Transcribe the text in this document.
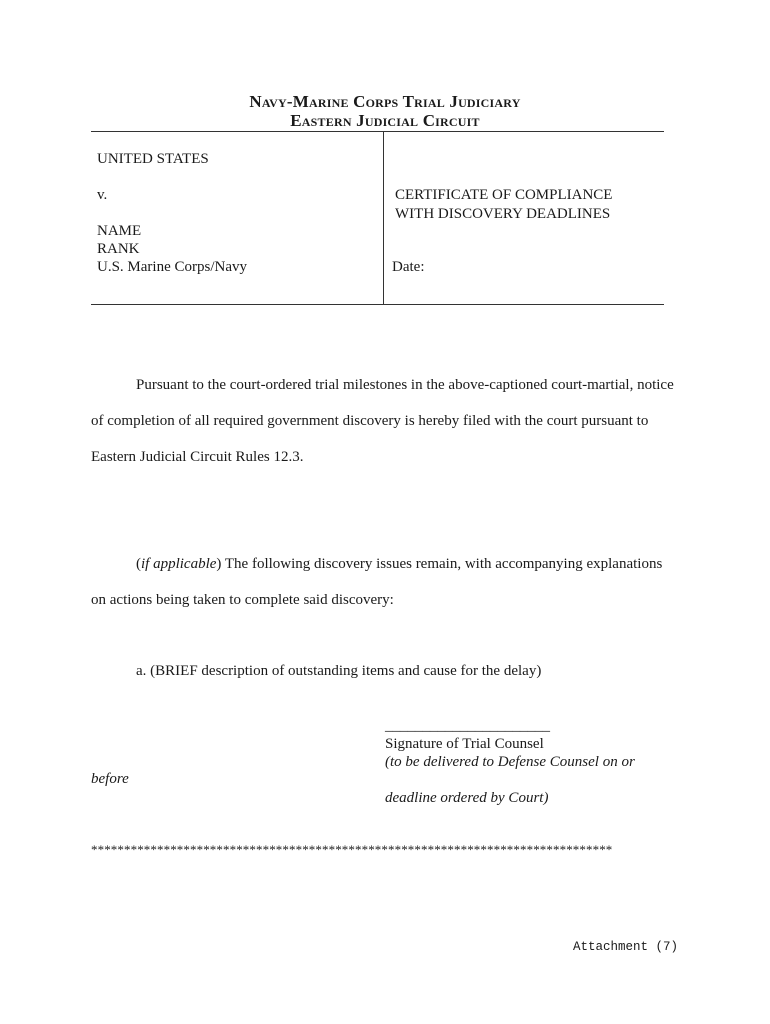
Navy-Marine Corps Trial Judiciary
Eastern Judicial Circuit
UNITED STATES
v.
NAME
RANK
U.S. Marine Corps/Navy
CERTIFICATE OF COMPLIANCE
WITH DISCOVERY DEADLINES
Date:
Pursuant to the court-ordered trial milestones in the above-captioned court-martial, notice
of completion of all required government discovery is hereby filed with the court pursuant to
Eastern Judicial Circuit Rules 12.3.
(if applicable) The following discovery issues remain, with accompanying explanations
on actions being taken to complete said discovery:
a. (BRIEF description of outstanding items and cause for the delay)
______________________
Signature of Trial Counsel
(to be delivered to Defense Counsel on or
before
deadline ordered by Court)
*******************************************************************************
Attachment (7)
